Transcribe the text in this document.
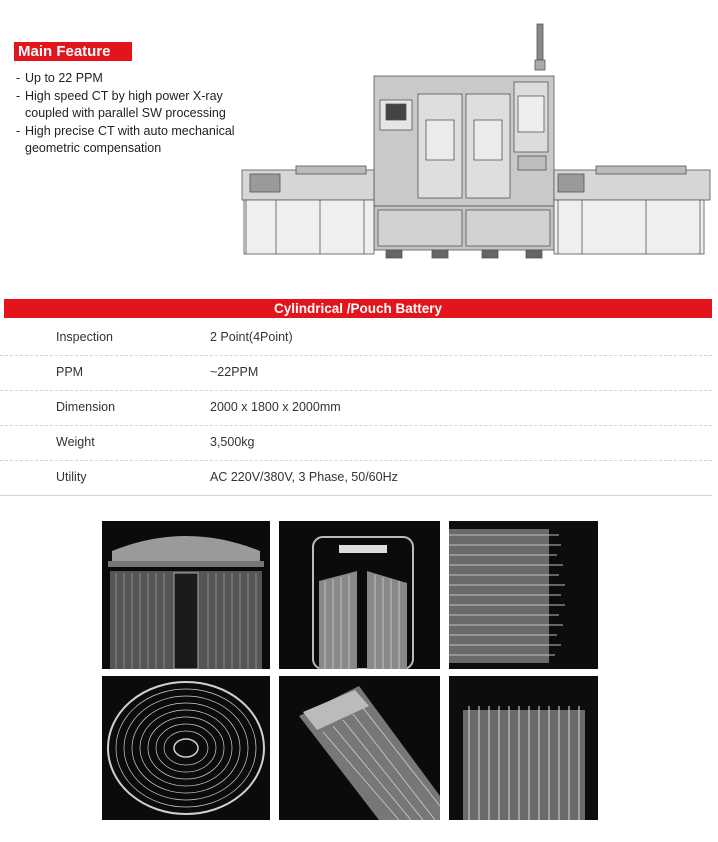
Main Feature
- Up to 22 PPM
- High speed CT by high power X-ray
coupled with parallel SW processing
- High precise CT with auto mechanical
geometric compensation
Cylindrical /Pouch Battery
Inspection	2 Point(4Point)
PPM	~22PPM
Dimension	2000 x 1800 x 2000mm
Weight	3,500kg
Utility	AC 220V/380V, 3 Phase, 50/60Hz
